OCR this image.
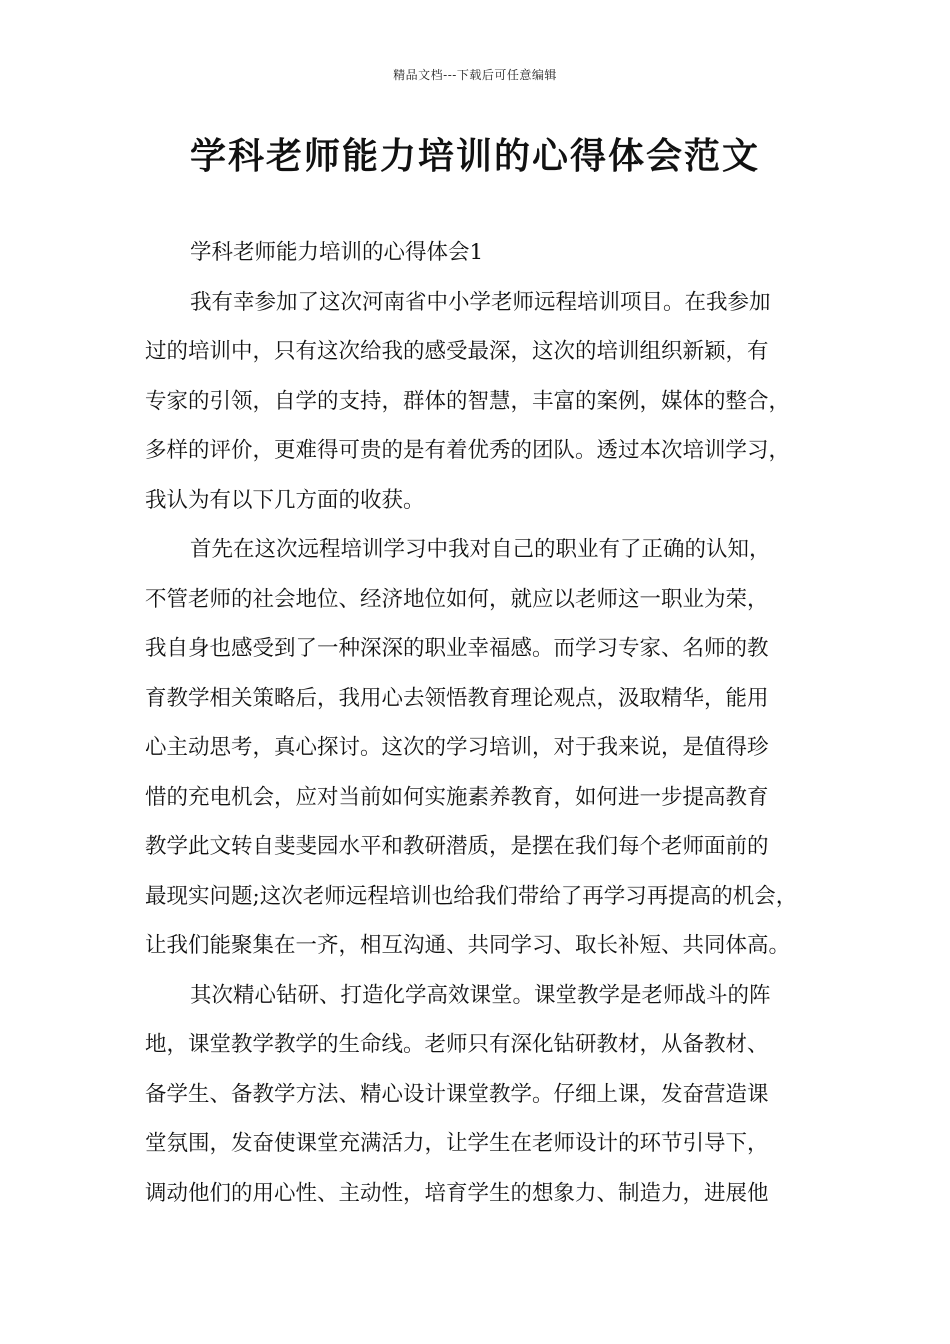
精品文档---下载后可任意编辑
学科老师能力培训的心得体会范文

学科老师能力培训的心得体会1

我有幸参加了这次河南省中小学老师远程培训项目。在我参加
过的培训中，只有这次给我的感受最深，这次的培训组织新颖，有
专家的引领，自学的支持，群体的智慧，丰富的案例，媒体的整合，
多样的评价，更难得可贵的是有着优秀的团队。透过本次培训学习，
我认为有以下几方面的收获。

首先在这次远程培训学习中我对自己的职业有了正确的认知，
不管老师的社会地位、经济地位如何，就应以老师这一职业为荣，
我自身也感受到了一种深深的职业幸福感。而学习专家、名师的教
育教学相关策略后，我用心去领悟教育理论观点，汲取精华，能用
心主动思考，真心探讨。这次的学习培训，对于我来说，是值得珍
惜的充电机会，应对当前如何实施素养教育，如何进一步提高教育
教学此文转自斐斐园水平和教研潜质，是摆在我们每个老师面前的
最现实问题;这次老师远程培训也给我们带给了再学习再提高的机会，
让我们能聚集在一齐，相互沟通、共同学习、取长补短、共同体高。

其次精心钻研、打造化学高效课堂。课堂教学是老师战斗的阵
地，课堂教学教学的生命线。老师只有深化钻研教材，从备教材、
备学生、备教学方法、精心设计课堂教学。仔细上课，发奋营造课
堂氛围，发奋使课堂充满活力，让学生在老师设计的环节引导下，
调动他们的用心性、主动性，培育学生的想象力、制造力，进展他
